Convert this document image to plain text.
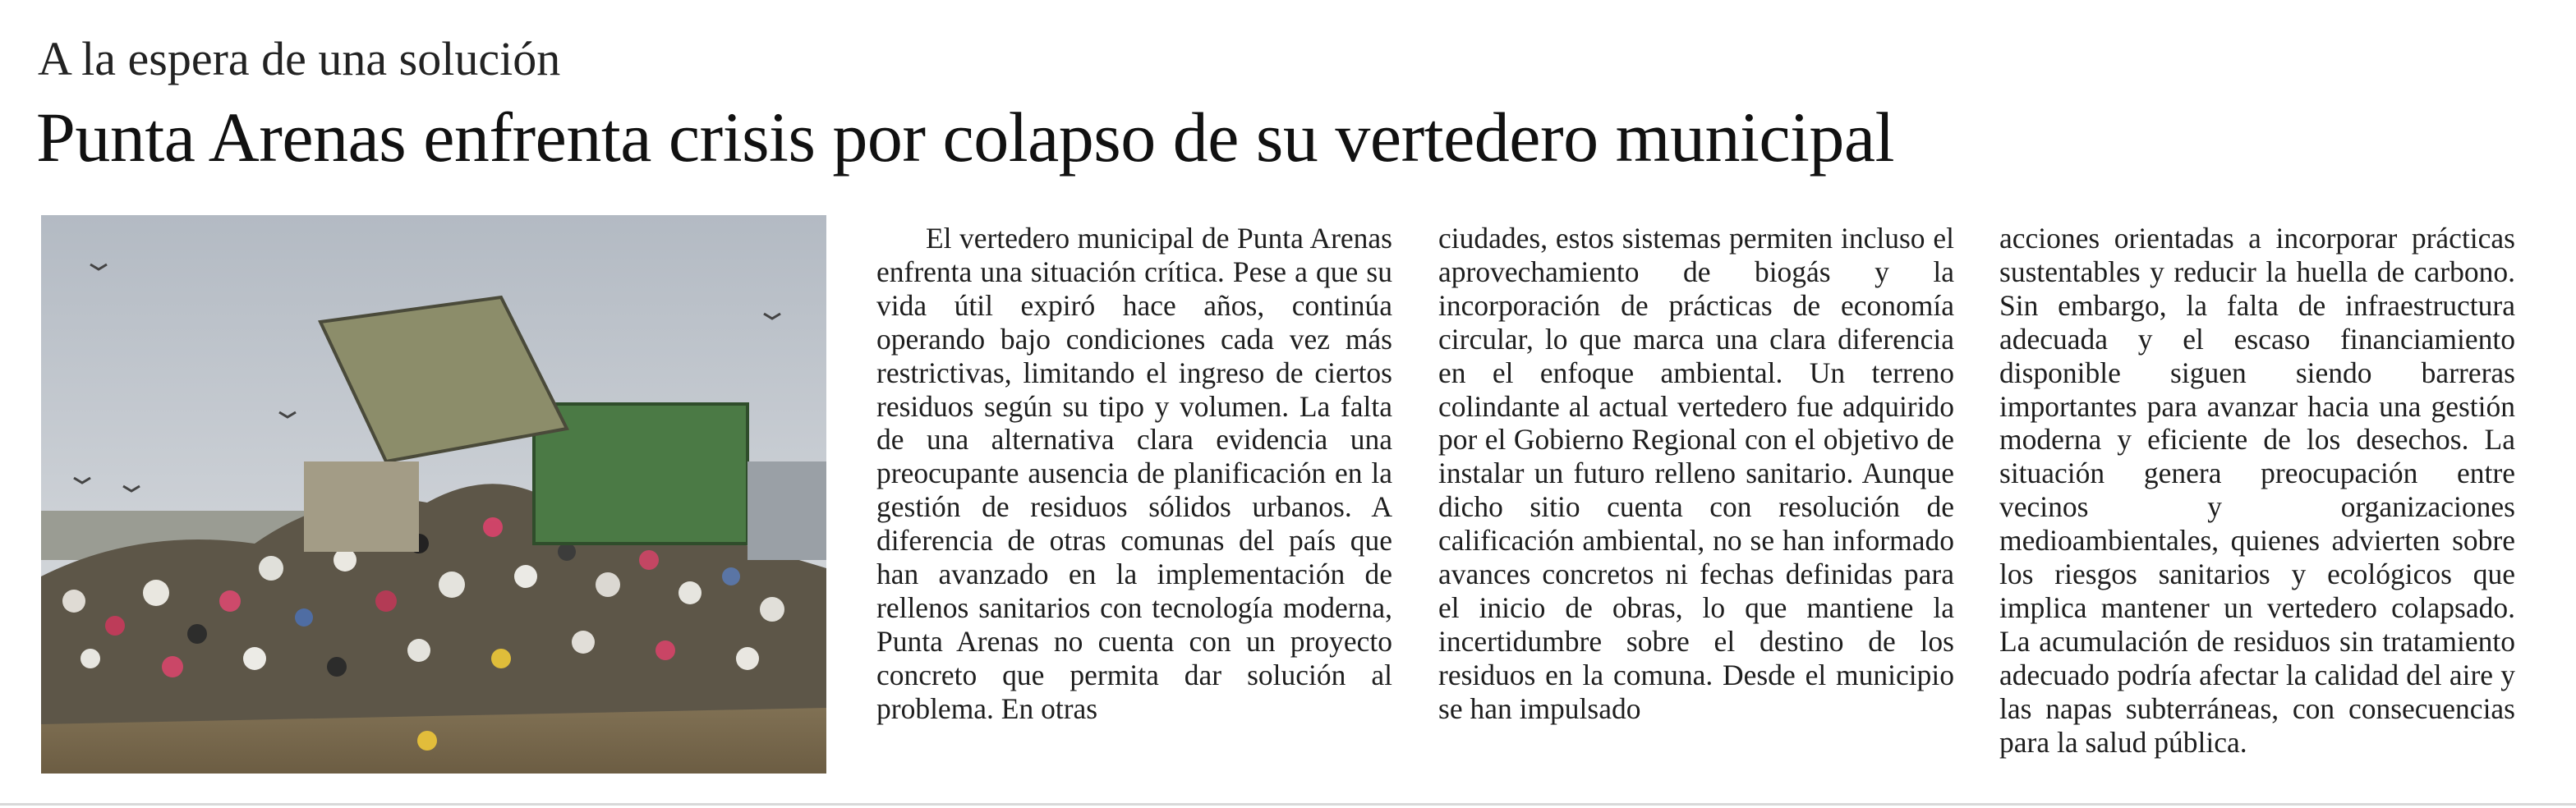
A la espera de una solución
Punta Arenas enfrenta crisis por colapso de su vertedero municipal

El vertedero municipal de Punta Arenas enfrenta una situación crítica. Pese a que su vida útil expiró hace años, continúa operando bajo condiciones cada vez más restrictivas, limitando el ingreso de ciertos residuos según su tipo y volumen. La falta de una alternativa clara evidencia una preocupante ausencia de planificación en la gestión de residuos sólidos urbanos. A diferencia de otras comunas del país que han avanzado en la implementación de rellenos sanitarios con tecnología moderna, Punta Arenas no cuenta con un proyecto concreto que permita dar solución al problema. En otras

ciudades, estos sistemas permiten incluso el aprovechamiento de biogás y la incorporación de prácticas de economía circular, lo que marca una clara diferencia en el enfoque ambiental. Un terreno colindante al actual vertedero fue adquirido por el Gobierno Regional con el objetivo de instalar un futuro relleno sanitario. Aunque dicho sitio cuenta con resolución de calificación ambiental, no se han informado avances concretos ni fechas definidas para el inicio de obras, lo que mantiene la incertidumbre sobre el destino de los residuos en la comuna. Desde el municipio se han impulsado

acciones orientadas a incorporar prácticas sustentables y reducir la huella de carbono. Sin embargo, la falta de infraestructura adecuada y el escaso financiamiento disponible siguen siendo barreras importantes para avanzar hacia una gestión moderna y eficiente de los desechos. La situación genera preocupación entre vecinos y organizaciones medioambientales, quienes advierten sobre los riesgos sanitarios y ecológicos que implica mantener un vertedero colapsado. La acumulación de residuos sin tratamiento adecuado podría afectar la calidad del aire y las napas subterráneas, con consecuencias para la salud pública.
